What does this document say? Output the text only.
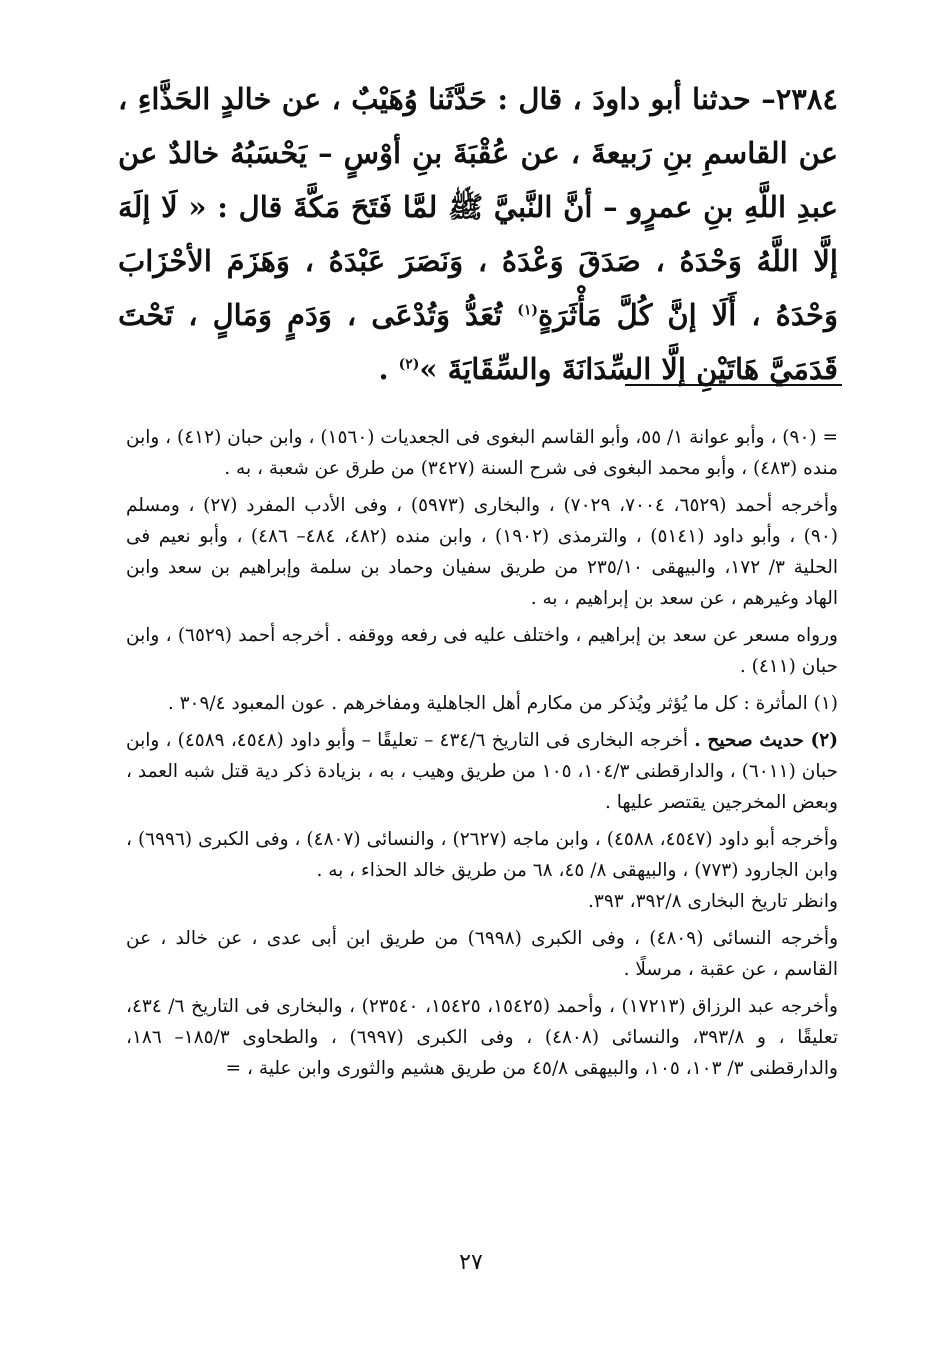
٢٣٨٤– حدثنا أبو داودَ ، قال : حَدَّثَنا وُهَيْبٌ ، عن خالدٍ الحَذَّاءِ ، عن القاسمِ بنِ رَبيعةَ ، عن عُقْبَةَ بنِ أوْسٍ – يَحْسَبُهُ خالدٌ عن عبدِ اللَّهِ بنِ عمرٍو – أنَّ النَّبيَّ ﷺ لمَّا فَتَحَ مَكَّةَ قال : « لَا إلَهَ إلَّا اللَّهُ وَحْدَهُ ، صَدَقَ وَعْدَهُ ، وَنَصَرَ عَبْدَهُ ، وَهَزَمَ الأحْزَابَ وَحْدَهُ ، أَلَا إنَّ كُلَّ مَأْثَرَةٍ$^{(١)}$ تُعَدُّ وَتُدْعَى ، وَدَمٍ وَمَالٍ ، تَحْتَ قَدَمَيَّ هَاتَيْنِ إلَّا السِّدَانَةَ والسِّقَايَةَ »$^{(٢)}$ .

= (٩٠) ، وأبو عوانة ١/ ٥٥، وأبو القاسم البغوى فى الجعديات (١٥٦٠) ، وابن حبان (٤١٢) ، وابن منده (٤٨٣) ، وأبو محمد البغوى فى شرح السنة (٣٤٢٧) من طرق عن شعبة ، به .

وأخرجه أحمد (٦٥٢٩، ٧٠٠٤، ٧٠٢٩) ، والبخارى (٥٩٧٣) ، وفى الأدب المفرد (٢٧) ، ومسلم (٩٠) ، وأبو داود (٥١٤١) ، والترمذى (١٩٠٢) ، وابن منده (٤٨٢، ٤٨٤– ٤٨٦) ، وأبو نعيم فى الحلية ٣/ ١٧٢، والبيهقى ٢٣٥/١٠ من طريق سفيان وحماد بن سلمة وإبراهيم بن سعد وابن الهاد وغيرهم ، عن سعد بن إبراهيم ، به .

ورواه مسعر عن سعد بن إبراهيم ، واختلف عليه فى رفعه ووقفه . أخرجه أحمد (٦٥٢٩) ، وابن حبان (٤١١) .

(١) المأثرة : كل ما يُؤثر ويُذكر من مكارم أهل الجاهلية ومفاخرهم . عون المعبود ٣٠٩/٤ .

(٢) حديث صحيح . أخرجه البخارى فى التاريخ ٤٣٤/٦ – تعليقًا – وأبو داود (٤٥٤٨، ٤٥٨٩) ، وابن حبان (٦٠١١) ، والدارقطنى ١٠٤/٣، ١٠٥ من طريق وهيب ، به ، بزيادة ذكر دية قتل شبه العمد ، وبعض المخرجين يقتصر عليها .

وأخرجه أبو داود (٤٥٤٧، ٤٥٨٨) ، وابن ماجه (٢٦٢٧) ، والنسائى (٤٨٠٧) ، وفى الكبرى (٦٩٩٦) ، وابن الجارود (٧٧٣) ، والبيهقى ٨/ ٤٥، ٦٨ من طريق خالد الحذاء ، به .
وانظر تاريخ البخارى ٣٩٢/٨، ٣٩٣.

وأخرجه النسائى (٤٨٠٩) ، وفى الكبرى (٦٩٩٨) من طريق ابن أبى عدى ، عن خالد ، عن القاسم ، عن عقبة ، مرسلًا .

وأخرجه عبد الرزاق (١٧٢١٣) ، وأحمد (١٥٤٢٥، ١٥٤٢٥، ٢٣٥٤٠) ، والبخارى فى التاريخ ٦/ ٤٣٤، تعليقًا ، و ٣٩٣/٨، والنسائى (٤٨٠٨) ، وفى الكبرى (٦٩٩٧) ، والطحاوى ١٨٥/٣– ١٨٦، والدارقطنى ٣/ ١٠٣، ١٠٥، والبيهقى ٤٥/٨ من طريق هشيم والثورى وابن علية ، =

٢٧
